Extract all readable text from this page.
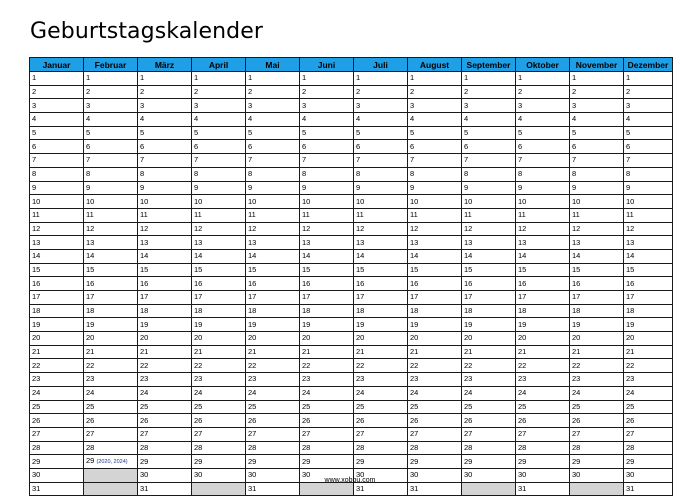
Geburtstagskalender
Januar	Februar	März	April	Mai	Juni	Juli	August	September	Oktober	November	Dezember
1	1	1	1	1	1	1	1	1	1	1	1
2	2	2	2	2	2	2	2	2	2	2	2
3	3	3	3	3	3	3	3	3	3	3	3
4	4	4	4	4	4	4	4	4	4	4	4
5	5	5	5	5	5	5	5	5	5	5	5
6	6	6	6	6	6	6	6	6	6	6	6
7	7	7	7	7	7	7	7	7	7	7	7
8	8	8	8	8	8	8	8	8	8	8	8
9	9	9	9	9	9	9	9	9	9	9	9
10	10	10	10	10	10	10	10	10	10	10	10
11	11	11	11	11	11	11	11	11	11	11	11
12	12	12	12	12	12	12	12	12	12	12	12
13	13	13	13	13	13	13	13	13	13	13	13
14	14	14	14	14	14	14	14	14	14	14	14
15	15	15	15	15	15	15	15	15	15	15	15
16	16	16	16	16	16	16	16	16	16	16	16
17	17	17	17	17	17	17	17	17	17	17	17
18	18	18	18	18	18	18	18	18	18	18	18
19	19	19	19	19	19	19	19	19	19	19	19
20	20	20	20	20	20	20	20	20	20	20	20
21	21	21	21	21	21	21	21	21	21	21	21
22	22	22	22	22	22	22	22	22	22	22	22
23	23	23	23	23	23	23	23	23	23	23	23
24	24	24	24	24	24	24	24	24	24	24	24
25	25	25	25	25	25	25	25	25	25	25	25
26	26	26	26	26	26	26	26	26	26	26	26
27	27	27	27	27	27	27	27	27	27	27	27
28	28	28	28	28	28	28	28	28	28	28	28
29	29 (2020, 2024)	29	29	29	29	29	29	29	29	29	29
30		30	30	30	30	30	30	30	30	30	30
31		31		31		31	31		31		31
www.xobbu.com
